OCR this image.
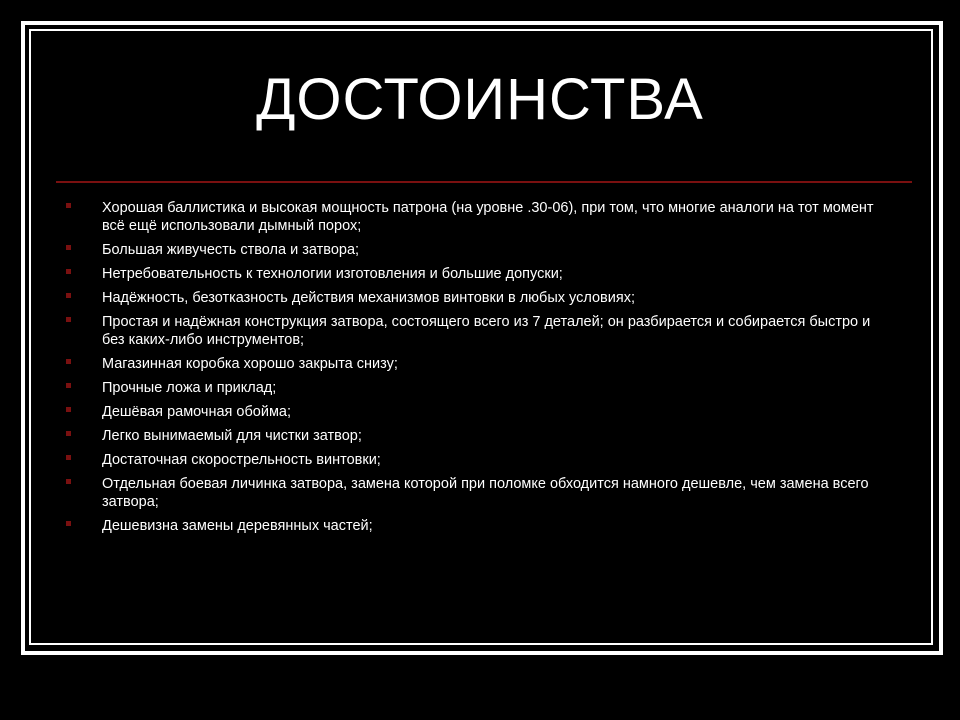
ДОСТОИНСТВА
Хорошая баллистика и высокая мощность патрона (на уровне .30-06), при том, что многие аналоги на тот момент всё ещё использовали дымный порох;
Большая живучесть ствола и затвора;
Нетребовательность к технологии изготовления и большие допуски;
Надёжность, безотказность действия механизмов винтовки в любых условиях;
Простая и надёжная конструкция затвора, состоящего всего из 7 деталей; он разбирается и собирается быстро и без каких-либо инструментов;
Магазинная коробка хорошо закрыта снизу;
Прочные ложа и приклад;
Дешёвая рамочная обойма;
Легко вынимаемый для чистки затвор;
Достаточная скорострельность винтовки;
Отдельная боевая личинка затвора, замена которой при поломке обходится намного дешевле, чем замена всего затвора;
Дешевизна замены деревянных частей;
